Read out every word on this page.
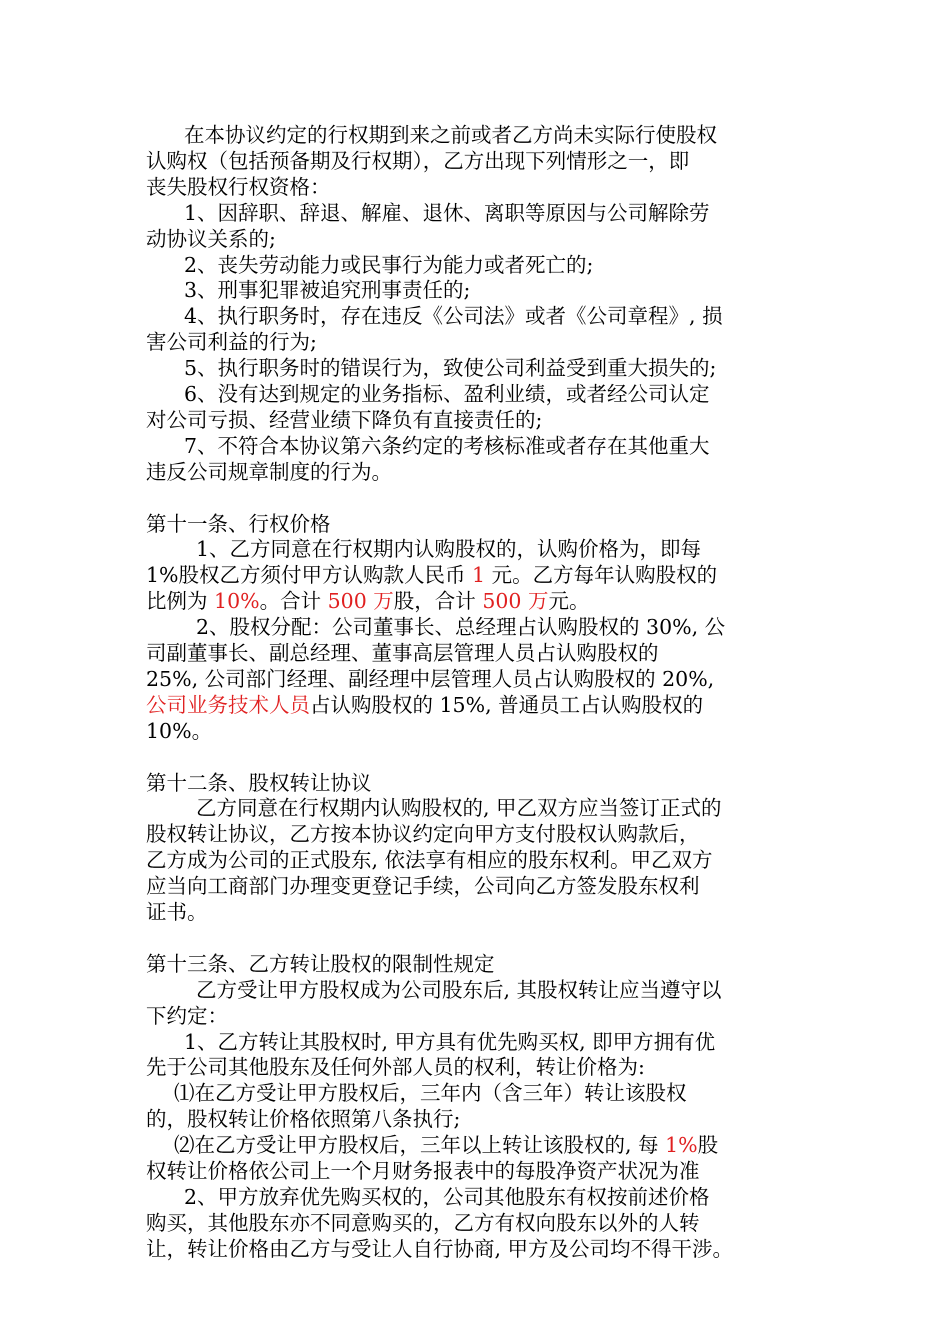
在本协议约定的行权期到来之前或者乙方尚未实际行使股权
认购权（包括预备期及行权期），乙方出现下列情形之一，即
丧失股权行权资格：
1、因辞职、辞退、解雇、退休、离职等原因与公司解除劳
动协议关系的;
2、丧失劳动能力或民事行为能力或者死亡的;
3、刑事犯罪被追究刑事责任的;
4、执行职务时，存在违反《公司法》或者《公司章程》, 损
害公司利益的行为;
5、执行职务时的错误行为，致使公司利益受到重大损失的;
6、没有达到规定的业务指标、盈利业绩，或者经公司认定
对公司亏损、经营业绩下降负有直接责任的;
7、不符合本协议第六条约定的考核标准或者存在其他重大
违反公司规章制度的行为。
第十一条、行权价格
1、乙方同意在行权期内认购股权的，认购价格为，即每
1%股权乙方须付甲方认购款人民币 1 元。乙方每年认购股权的
比例为 10%。合计 500 万股，合计 500 万元。
2、股权分配：公司董事长、总经理占认购股权的 30%, 公
司副董事长、副总经理、董事高层管理人员占认购股权的
25%, 公司部门经理、副经理中层管理人员占认购股权的 20%,
公司业务技术人员占认购股权的 15%, 普通员工占认购股权的
10%。
第十二条、股权转让协议
乙方同意在行权期内认购股权的, 甲乙双方应当签订正式的
股权转让协议，乙方按本协议约定向甲方支付股权认购款后，
乙方成为公司的正式股东, 依法享有相应的股东权利。甲乙双方
应当向工商部门办理变更登记手续，公司向乙方签发股东权利
证书。
第十三条、乙方转让股权的限制性规定
乙方受让甲方股权成为公司股东后, 其股权转让应当遵守以
下约定：
1、乙方转让其股权时, 甲方具有优先购买权, 即甲方拥有优
先于公司其他股东及任何外部人员的权利，转让价格为:
⑴在乙方受让甲方股权后，三年内（含三年）转让该股权
的，股权转让价格依照第八条执行;
⑵在乙方受让甲方股权后，三年以上转让该股权的, 每 1%股
权转让价格依公司上一个月财务报表中的每股净资产状况为准
2、甲方放弃优先购买权的，公司其他股东有权按前述价格
购买，其他股东亦不同意购买的，乙方有权向股东以外的人转
让，转让价格由乙方与受让人自行协商, 甲方及公司均不得干涉。
